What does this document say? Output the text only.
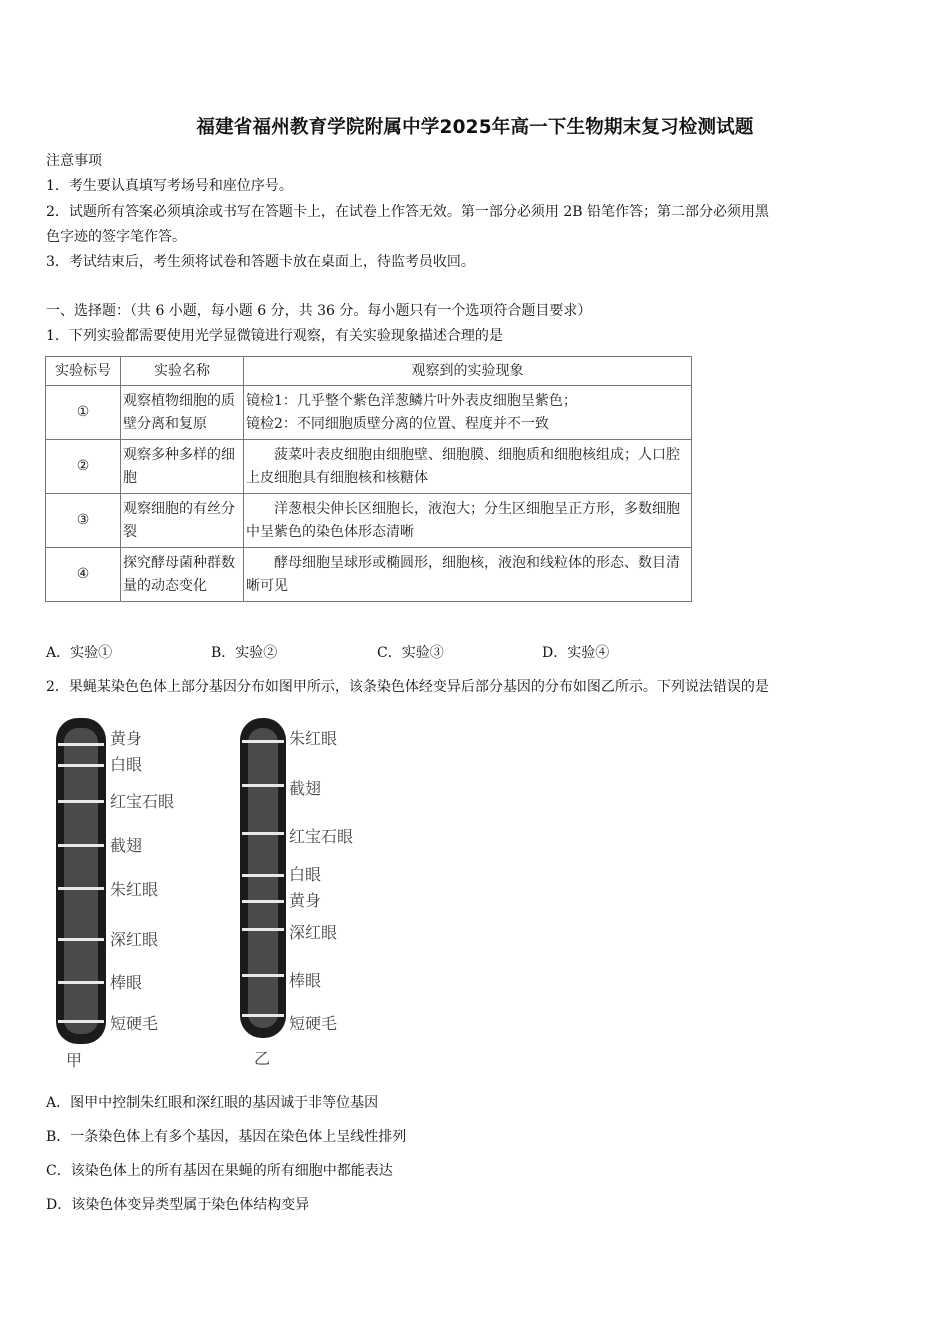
福建省福州教育学院附属中学2025年高一下生物期末复习检测试题
注意事项
1．考生要认真填写考场号和座位序号。
2．试题所有答案必须填涂或书写在答题卡上，在试卷上作答无效。第一部分必须用 2B 铅笔作答；第二部分必须用黑
色字迹的签字笔作答。
3．考试结束后，考生须将试卷和答题卡放在桌面上，待监考员收回。
一、选择题：（共 6 小题，每小题 6 分，共 36 分。每小题只有一个选项符合题目要求）
1．下列实验都需要使用光学显微镜进行观察，有关实验现象描述合理的是
实验标号	实验名称	观察到的实验现象
①	观察植物细胞的质壁分离和复原	镜检1：几乎整个紫色洋葱鳞片叶外表皮细胞呈紫色；
镜检2：不同细胞质壁分离的位置、程度并不一致

②	观察多种多样的细胞	菠菜叶表皮细胞由细胞壁、细胞膜、细胞质和细胞核组成；人口腔上皮细胞具有细胞核和核糖体
③	观察细胞的有丝分裂	洋葱根尖伸长区细胞长，液泡大；分生区细胞呈正方形，多数细胞中呈紫色的染色体形态清晰
④	探究酵母菌种群数量的动态变化	酵母细胞呈球形或椭圆形，细胞核，液泡和线粒体的形态、数目清晰可见
A．实验①	B．实验②	C．实验③	D．实验④
2．果蝇某染色色体上部分基因分布如图甲所示，该条染色体经变异后部分基因的分布如图乙所示。下列说法错误的是
黄身
白眼
红宝石眼
截翅
朱红眼
深红眼
棒眼
短硬毛
甲
朱红眼
截翅
红宝石眼
白眼
黄身
深红眼
棒眼
短硬毛
乙
A．图甲中控制朱红眼和深红眼的基因诚于非等位基因
B．一条染色体上有多个基因，基因在染色体上呈线性排列
C．该染色体上的所有基因在果蝇的所有细胞中都能表达
D．该染色体变异类型属于染色体结构变异
